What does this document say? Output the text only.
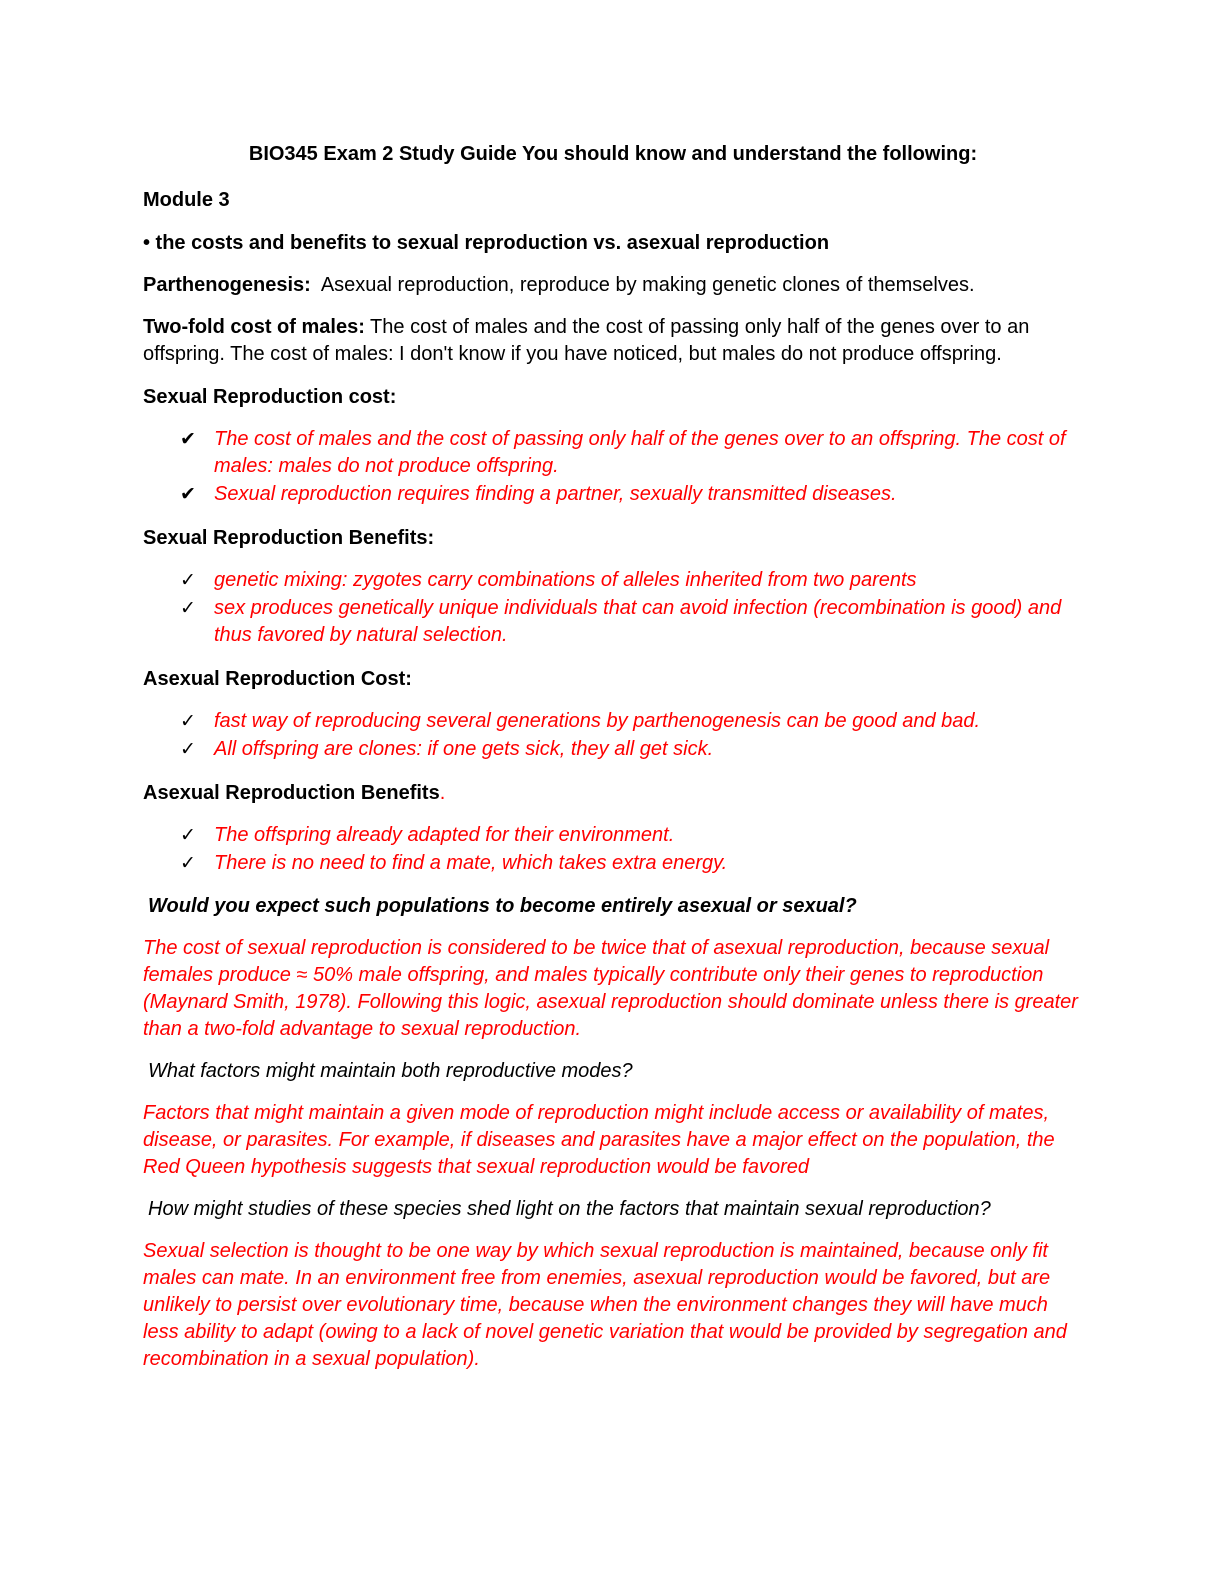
BIO345 Exam 2 Study Guide You should know and understand the following:

Module 3

• the costs and benefits to sexual reproduction vs. asexual reproduction

Parthenogenesis:  Asexual reproduction, reproduce by making genetic clones of themselves.

Two-fold cost of males: The cost of males and the cost of passing only half of the genes over to an offspring. The cost of males: I don't know if you have noticed, but males do not produce offspring.

Sexual Reproduction cost:

✔ The cost of males and the cost of passing only half of the genes over to an offspring. The cost of males: males do not produce offspring.
✔ Sexual reproduction requires finding a partner, sexually transmitted diseases.

Sexual Reproduction Benefits:

✓ genetic mixing: zygotes carry combinations of alleles inherited from two parents
✓ sex produces genetically unique individuals that can avoid infection (recombination is good) and thus favored by natural selection.

Asexual Reproduction Cost:

✓ fast way of reproducing several generations by parthenogenesis can be good and bad.
✓ All offspring are clones: if one gets sick, they all get sick.

Asexual Reproduction Benefits.

✓ The offspring already adapted for their environment.
✓ There is no need to find a mate, which takes extra energy.

Would you expect such populations to become entirely asexual or sexual?

The cost of sexual reproduction is considered to be twice that of asexual reproduction, because sexual females produce ≈ 50% male offspring, and males typically contribute only their genes to reproduction (Maynard Smith, 1978). Following this logic, asexual reproduction should dominate unless there is greater than a two-fold advantage to sexual reproduction.

What factors might maintain both reproductive modes?

Factors that might maintain a given mode of reproduction might include access or availability of mates, disease, or parasites. For example, if diseases and parasites have a major effect on the population, the Red Queen hypothesis suggests that sexual reproduction would be favored

How might studies of these species shed light on the factors that maintain sexual reproduction?

Sexual selection is thought to be one way by which sexual reproduction is maintained, because only fit males can mate. In an environment free from enemies, asexual reproduction would be favored, but are unlikely to persist over evolutionary time, because when the environment changes they will have much less ability to adapt (owing to a lack of novel genetic variation that would be provided by segregation and recombination in a sexual population).
